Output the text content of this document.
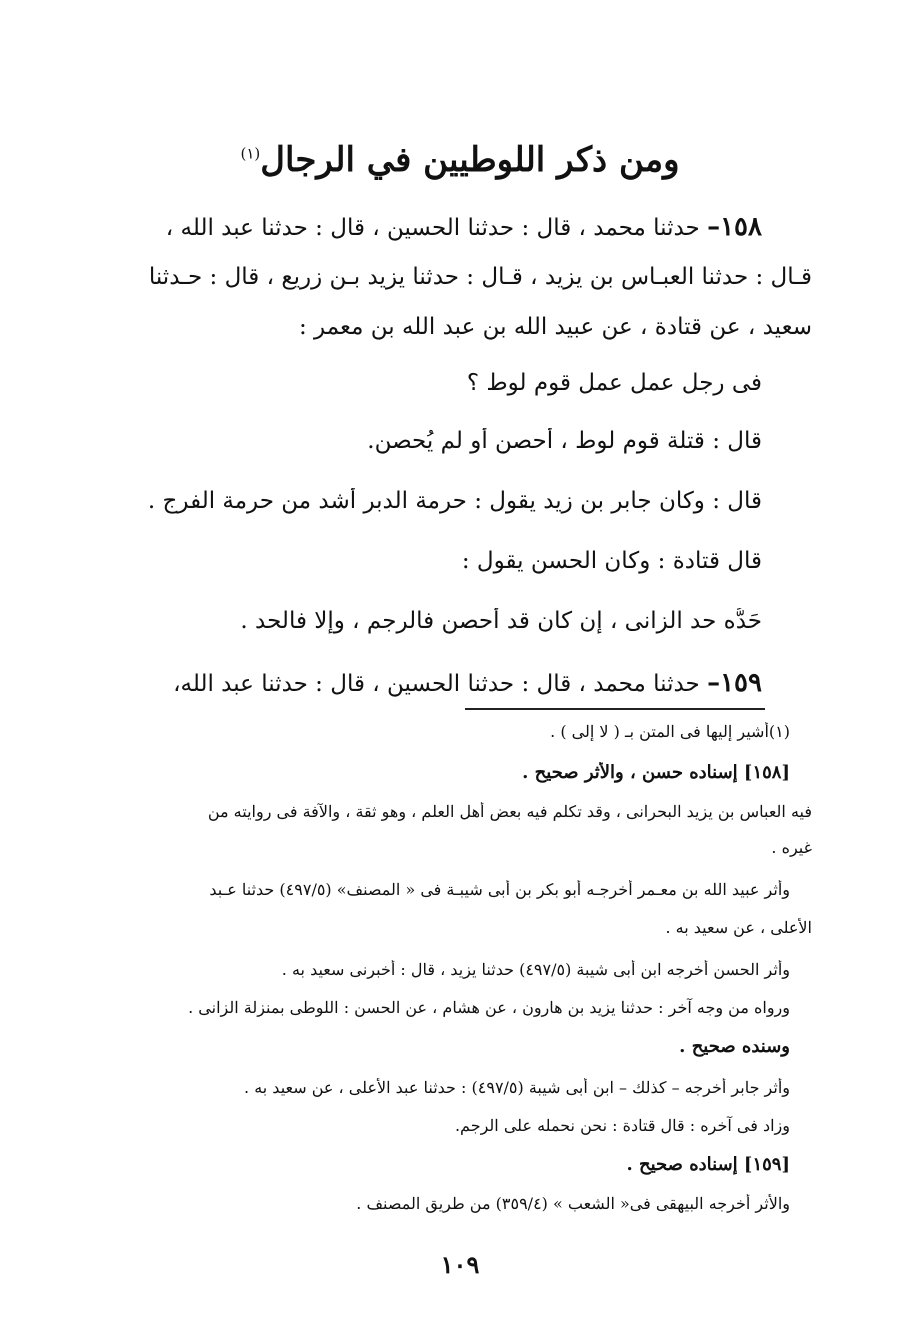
ومن ذكر اللوطيين في الرجال$^{(١)}$
١٥٨– حدثنا محمد ، قال : حدثنا الحسين ، قال : حدثنا عبد الله ،
قـال : حدثنا العبـاس بن يزيد ، قـال : حدثنا يزيد بـن زريع ، قال : حـدثنا
سعيد ، عن قتادة ، عن عبيد الله بن عبد الله بن معمر :
فى رجل عمل عمل قوم لوط ؟
قال : قتلة قوم لوط ، أُحصن أو لم يُحصن.
قال : وكان جابر بن زيد يقول : حرمة الدبر أشد من حرمة الفرج .
قال قتادة : وكان الحسن يقول :
حَدُّه حد الزانى ، إن كان قد أُحصن فالرجم ، وإلا فالحد .
١٥٩– حدثنا محمد ، قال : حدثنا الحسين ، قال : حدثنا عبد الله،
(١)أشير إليها فى المتن بـ ( لا إلى ) .
[١٥٨] إسناده حسن ، والأثر صحيح .
فيه العباس بن يزيد البحرانى ، وقد تكلم فيه بعض أهل العلم ، وهو ثقة ، والآفة فى روايته من
غيره .
وأثر عبيد الله بن معـمر أخرجـه أبو بكر بن أبى شيبـة فى « المصنف» (٤٩٧/٥) حدثنا عـبد
الأعلى ، عن سعيد به .
وأثر الحسن أخرجه ابن أبى شيبة (٤٩٧/٥) حدثنا يزيد ، قال : أخبرنى سعيد به .
ورواه من وجه آخر : حدثنا يزيد بن هارون ، عن هشام ، عن الحسن : اللوطى بمنزلة الزانى .
وسنده صحيح .
وأثر جابر أخرجه – كذلك – ابن أبى شيبة (٤٩٧/٥) : حدثنا عبد الأعلى ، عن سعيد به .
وزاد فى آخره : قال قتادة : نحن نحمله على الرجم.
[١٥٩] إسناده صحيح .
والأثر أخرجه البيهقى فى« الشعب » (٣٥٩/٤) من طريق المصنف .
١٠٩
